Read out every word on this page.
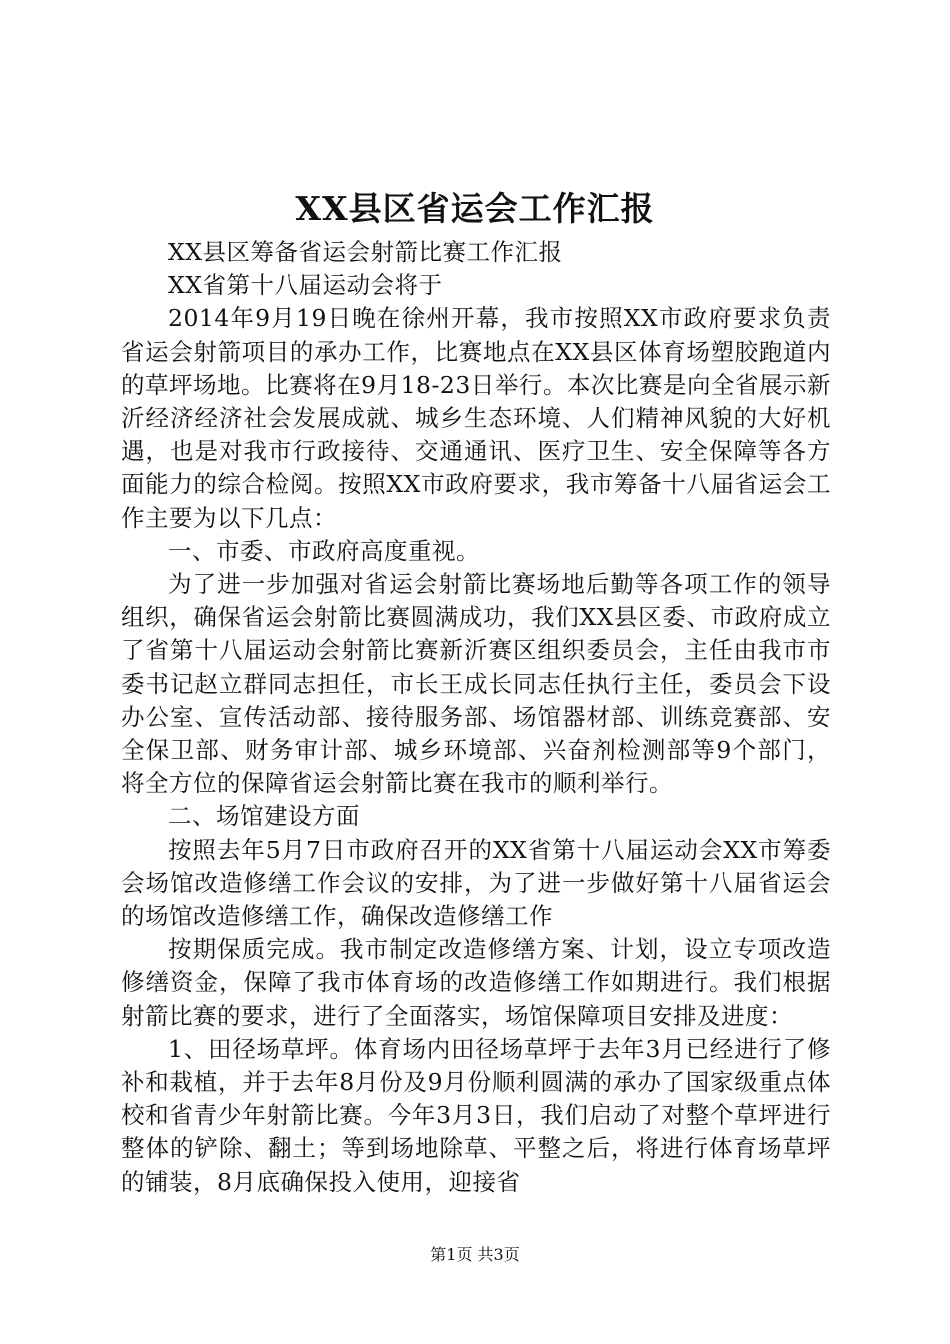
XX县区省运会工作汇报

XX县区筹备省运会射箭比赛工作汇报

XX省第十八届运动会将于

2014年9月19日晚在徐州开幕，我市按照XX市政府要求负责省运会射箭项目的承办工作，比赛地点在XX县区体育场塑胶跑道内的草坪场地。比赛将在9月18-23日举行。本次比赛是向全省展示新沂经济经济社会发展成就、城乡生态环境、人们精神风貌的大好机遇，也是对我市行政接待、交通通讯、医疗卫生、安全保障等各方面能力的综合检阅。按照XX市政府要求，我市筹备十八届省运会工作主要为以下几点：

一、市委、市政府高度重视。

为了进一步加强对省运会射箭比赛场地后勤等各项工作的领导组织，确保省运会射箭比赛圆满成功，我们XX县区委、市政府成立了省第十八届运动会射箭比赛新沂赛区组织委员会，主任由我市市委书记赵立群同志担任，市长王成长同志任执行主任，委员会下设办公室、宣传活动部、接待服务部、场馆器材部、训练竞赛部、安全保卫部、财务审计部、城乡环境部、兴奋剂检测部等9个部门，将全方位的保障省运会射箭比赛在我市的顺利举行。

二、场馆建设方面

按照去年5月7日市政府召开的XX省第十八届运动会XX市筹委会场馆改造修缮工作会议的安排，为了进一步做好第十八届省运会的场馆改造修缮工作，确保改造修缮工作

按期保质完成。我市制定改造修缮方案、计划，设立专项改造修缮资金，保障了我市体育场的改造修缮工作如期进行。我们根据射箭比赛的要求，进行了全面落实，场馆保障项目安排及进度：

1、田径场草坪。体育场内田径场草坪于去年3月已经进行了修补和栽植，并于去年8月份及9月份顺利圆满的承办了国家级重点体校和省青少年射箭比赛。今年3月3日，我们启动了对整个草坪进行整体的铲除、翻土；等到场地除草、平整之后，将进行体育场草坪的铺装，8月底确保投入使用，迎接省

第1页 共3页
